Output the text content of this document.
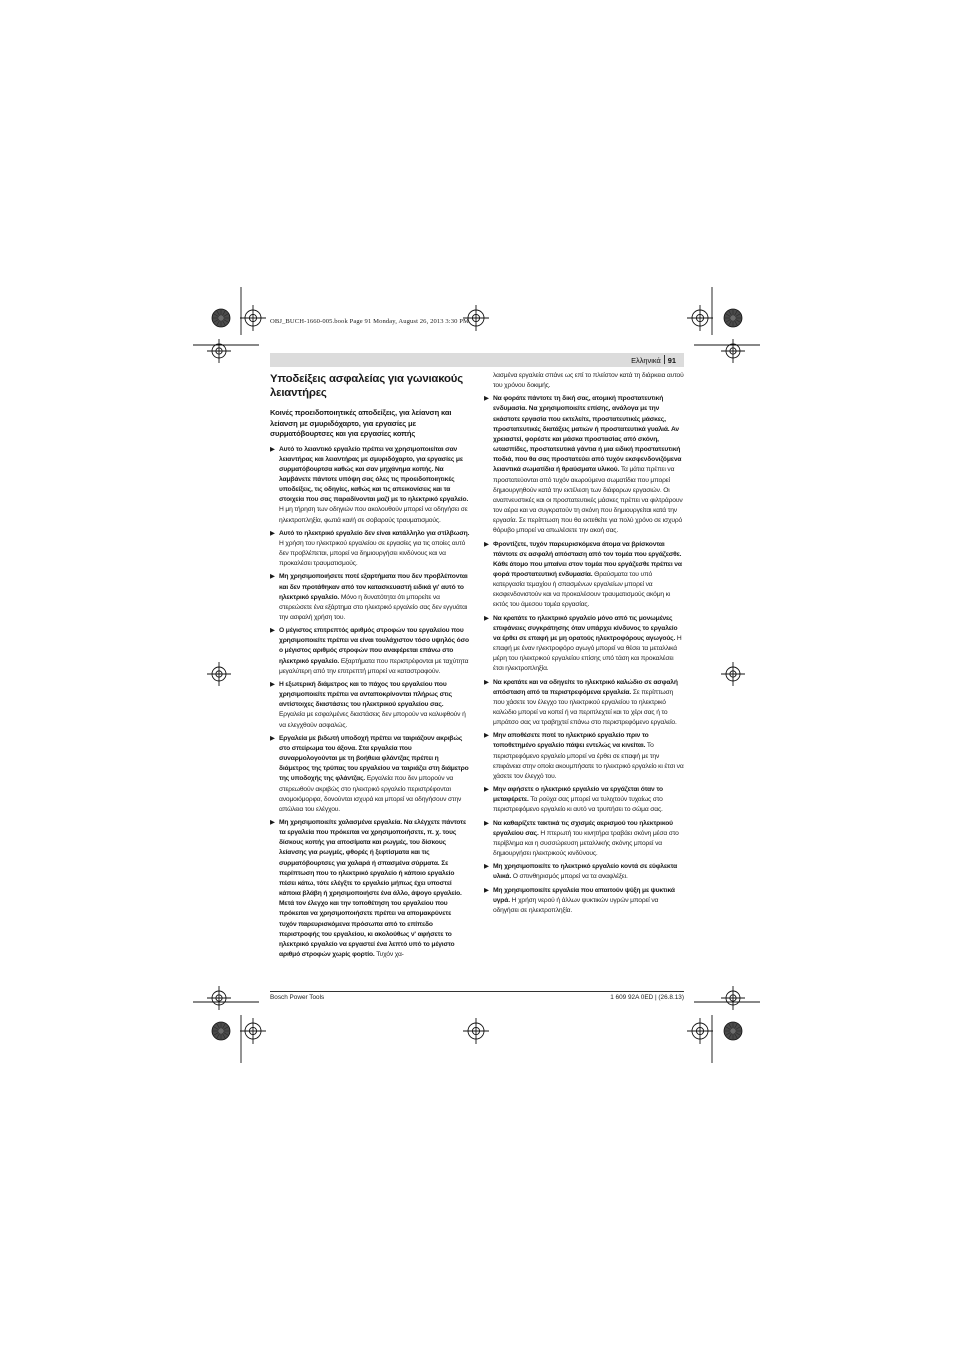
OBJ_BUCH-1660-005.book Page 91 Monday, August 26, 2013 3:30 PM
Ελληνικά 91
Υποδείξεις ασφαλείας για γωνιακούς λειαντήρες
Κοινές προειδοποιητικές αποδείξεις, για λείανση και λείανση με σμυριδόχαρτο, για εργασίες με συρματόβουρτσες και για εργασίες κοπής
▶ Αυτό το λειαντικό εργαλείο πρέπει να χρησιμοποιείται σαν λειαντήρας και λειαντήρας με σμυριδόχαρτο, για εργασίες με συρματόβουρτσα καθώς και σαν μηχάνημα κοπής. Να λαμβάνετε πάντοτε υπόψη σας όλες τις προειδοποιητικές υποδείξεις, τις οδηγίες, καθώς και τις απεικονίσεις και τα στοιχεία που σας παραδίνονται μαζί με το ηλεκτρικό εργαλείο. Η μη τήρηση των οδηγιών που ακολουθούν μπορεί να οδηγήσει σε ηλεκτροπληξία, φωτιά και/ή σε σοβαρούς τραυματισμούς.
▶ Αυτό το ηλεκτρικό εργαλείο δεν είναι κατάλληλο για στίλβωση. Η χρήση του ηλεκτρικού εργαλείου σε εργασίες για τις οποίες αυτό δεν προβλέπεται, μπορεί να δημιουργήσει κινδύνους και να προκαλέσει τραυματισμούς.
▶ Μη χρησιμοποιήσετε ποτέ εξαρτήματα που δεν προβλέπονται και δεν προτάθηκαν από τον κατασκευαστή ειδικά γι' αυτό το ηλεκτρικό εργαλείο. Μόνο η δυνατότητα ότι μπορείτε να στερεώσετε ένα εξάρτημα στο ηλεκτρικό εργαλείο σας δεν εγγυάται την ασφαλή χρήση του.
▶ Ο μέγιστος επιτρεπτός αριθμός στροφών του εργαλείου που χρησιμοποιείτε πρέπει να είναι τουλάχιστον τόσο υψηλός όσο ο μέγιστος αριθμός στροφών που αναφέρεται επάνω στο ηλεκτρικό εργαλείο. Εξαρτήματα που περιστρέφονται με ταχύτητα μεγαλύτερη από την επιτρεπτή μπορεί να καταστραφούν.
▶ Η εξωτερική διάμετρος και το πάχος του εργαλείου που χρησιμοποιείτε πρέπει να ανταποκρίνονται πλήρως στις αντίστοιχες διαστάσεις του ηλεκτρικού εργαλείου σας. Εργαλεία με εσφαλμένες διαστάσεις δεν μπορούν να καλυφθούν ή να ελεγχθούν ασφαλώς.
▶ Εργαλεία με βιδωτή υποδοχή πρέπει να ταιριάζουν ακριβώς στο σπείρωμα του άξονα. Στα εργαλεία που συναρμολογούνται με τη βοήθεια φλάντζας πρέπει η διάμετρος της τρύπας του εργαλείου να ταιριάζει στη διάμετρο της υποδοχής της φλάντζας. Εργαλεία που δεν μπορούν να στερεωθούν ακριβώς στο ηλεκτρικό εργαλείο περιστρέφονται ανομοιόμορφα, δονούνται ισχυρά και μπορεί να οδηγήσουν στην απώλεια του ελέγχου.
▶ Μη χρησιμοποιείτε χαλασμένα εργαλεία. Να ελέγχετε πάντοτε τα εργαλεία που πρόκειται να χρησιμοποιήσετε, π. χ. τους δίσκους κοπής για αποσίματα και ρωγμές, του δίσκους λείανσης για ρωγμές, φθορές ή ξεφτίσματα και τις συρματόβουρτσες για χαλαρά ή σπασμένα σύρματα. Σε περίπτωση που το ηλεκτρικό εργαλείο ή κάποιο εργαλείο πέσει κάτω, τότε ελέγξτε το εργαλείο μήπως έχει υποστεί κάποια βλάβη ή χρησιμοποιήστε ένα άλλο, άψογο εργαλείο. Μετά τον έλεγχο και την τοποθέτηση του εργαλείου που πρόκειται να χρησιμοποιήσετε πρέπει να απομακρύνετε τυχόν παρευρισκόμενα πρόσωπα από το επίπεδο περιστροφής του εργαλείου, κι ακολούθως ν' αφήσετε το ηλεκτρικό εργαλείο να εργαστεί ένα λεπτό υπό το μέγιστο αριθμό στροφών χωρίς φορτίο. Τυχόν χα-
λασμένα εργαλεία σπάνε ως επί το πλείστον κατά τη διάρκεια αυτού του χρόνου δοκιμής.
▶ Να φοράτε πάντοτε τη δική σας, ατομική προστατευτική ενδυμασία. Να χρησιμοποιείτε επίσης, ανάλογα με την εκάστοτε εργασία που εκτελείτε, προστατευτικές μάσκες, προστατευτικές διατάξεις ματιών ή προστατευτικά γυαλιά. Αν χρειαστεί, φορέστε και μάσκα προστασίας από σκόνη, ωτασπίδες, προστατευτικά γάντια ή μια ειδική προστατευτική ποδιά, που θα σας προστατεύει από τυχόν εκσφενδονιζόμενα λειαντικά σωματίδια ή θραύσματα υλικού. Τα μάτια πρέπει να προστατεύονται από τυχόν αιωρούμενα σωματίδια που μπορεί δημιουργηθούν κατά την εκτέλεση των διάφορων εργασιών. Οι αναπνευστικές και οι προστατευτικές μάσκες πρέπει να φιλτράρουν τον αέρα και να συγκρατούν τη σκόνη που δημιουργείται κατά την εργασία. Σε περίπτωση που θα εκτεθείτε για πολύ χρόνο σε ισχυρό θόρυβο μπορεί να απωλέσετε την ακοή σας.
▶ Φροντίζετε, τυχόν παρευρισκόμενα άτομα να βρίσκονται πάντοτε σε ασφαλή απόσταση από τον τομέα που εργάζεσθε. Κάθε άτομο που μπαίνει στον τομέα που εργάζεσθε πρέπει να φορά προστατευτική ενδυμασία. Θραύσματα του υπό κατεργασία τεμαχίου ή σπασμένων εργαλείων μπορεί να εκσφενδονιστούν και να προκαλέσουν τραυματισμούς ακόμη κι εκτός του άμεσου τομέα εργασίας.
▶ Να κρατάτε το ηλεκτρικό εργαλείο μόνο από τις μονωμένες επιφάνειες συγκράτησης όταν υπάρχει κίνδυνος το εργαλείο να έρθει σε επαφή με μη ορατούς ηλεκτροφόρους αγωγούς. Η επαφή με έναν ηλεκτροφόρο αγωγό μπορεί να θέσει τα μεταλλικά μέρη του ηλεκτρικού εργαλείου επίσης υπό τάση και προκαλέσει έτσι ηλεκτροπληξία.
▶ Να κρατάτε και να οδηγείτε το ηλεκτρικό καλώδιο σε ασφαλή απόσταση από τα περιστρεφόμενα εργαλεία. Σε περίπτωση που χάσετε τον έλεγχο του ηλεκτρικού εργαλείου το ηλεκτρικό καλώδιο μπορεί να κοπεί ή να περιπλεχτεί και το χέρι σας ή το μπράτσο σας να τραβηχτεί επάνω στο περιστρεφόμενο εργαλείο.
▶ Μην αποθέσετε ποτέ το ηλεκτρικό εργαλείο πριν το τοποθετημένο εργαλείο πάψει εντελώς να κινείται. Το περιστρεφόμενο εργαλείο μπορεί να έρθει σε επαφή με την επιφάνεια στην οποία ακουμπήσατε το ηλεκτρικό εργαλείο κι έτσι να χάσετε τον έλεγχό του.
▶ Μην αφήσετε ο ηλεκτρικό εργαλείο να εργάζεται όταν το μεταφέρετε. Τα ρούχα σας μπορεί να τυλιχτούν τυχαίως στο περιστρεφόμενο εργαλείο κι αυτό να τρυπήσει το σώμα σας.
▶ Να καθαρίζετε τακτικά τις σχισμές αερισμού του ηλεκτρικού εργαλείου σας. Η πτερωτή του κινητήρα τραβάει σκόνη μέσα στο περίβλημα και η συσσώρευση μεταλλικής σκόνης μπορεί να δημιουργήσει ηλεκτρικούς κινδύνους.
▶ Μη χρησιμοποιείτε το ηλεκτρικό εργαλείο κοντά σε εύφλεκτα υλικά. Ο σπινθηρισμός μπορεί να τα αναφλέξει.
▶ Μη χρησιμοποιείτε εργαλεία που απαιτούν ψύξη με ψυκτικά υγρά. Η χρήση νερού ή άλλων ψυκτικών υγρών μπορεί να οδηγήσει σε ηλεκτροπληξία.
Bosch Power Tools	1 609 92A 0ED | (26.8.13)
